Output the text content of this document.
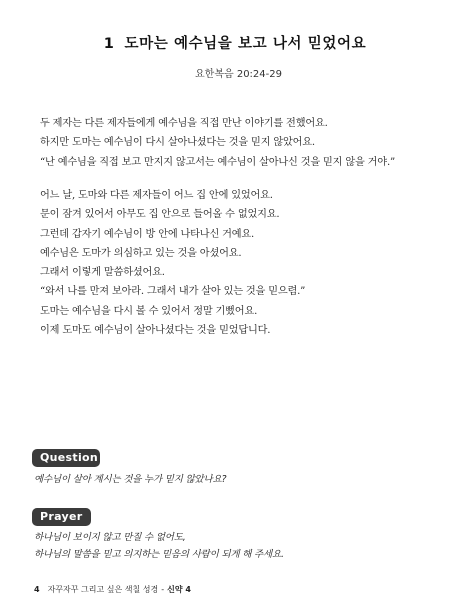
1 도마는 예수님을 보고 나서 믿었어요
요한복음 20:24-29
두 제자는 다른 제자들에게 예수님을 직접 만난 이야기를 전했어요.
하지만 도마는 예수님이 다시 살아나셨다는 것을 믿지 않았어요.
“난 예수님을 직접 보고 만지지 않고서는 예수님이 살아나신 것을 믿지 않을 거야.”
어느 날, 도마와 다른 제자들이 어느 집 안에 있었어요.
문이 잠겨 있어서 아무도 집 안으로 들어올 수 없었지요.
그런데 갑자기 예수님이 방 안에 나타나신 거예요.
예수님은 도마가 의심하고 있는 것을 아셨어요.
그래서 이렇게 말씀하셨어요.
“와서 나를 만져 보아라. 그래서 내가 살아 있는 것을 믿으렴.”
도마는 예수님을 다시 볼 수 있어서 정말 기뻤어요.
이제 도마도 예수님이 살아나셨다는 것을 믿었답니다.
Question
예수님이 살아 계시는 것을 누가 믿지 않았나요?
Prayer
하나님이 보이지 않고 만질 수 없어도,
하나님의 말씀을 믿고 의지하는 믿음의 사람이 되게 해 주세요.
4 자꾸자꾸 그리고 싶은 색칠 성경 - 신약 4
